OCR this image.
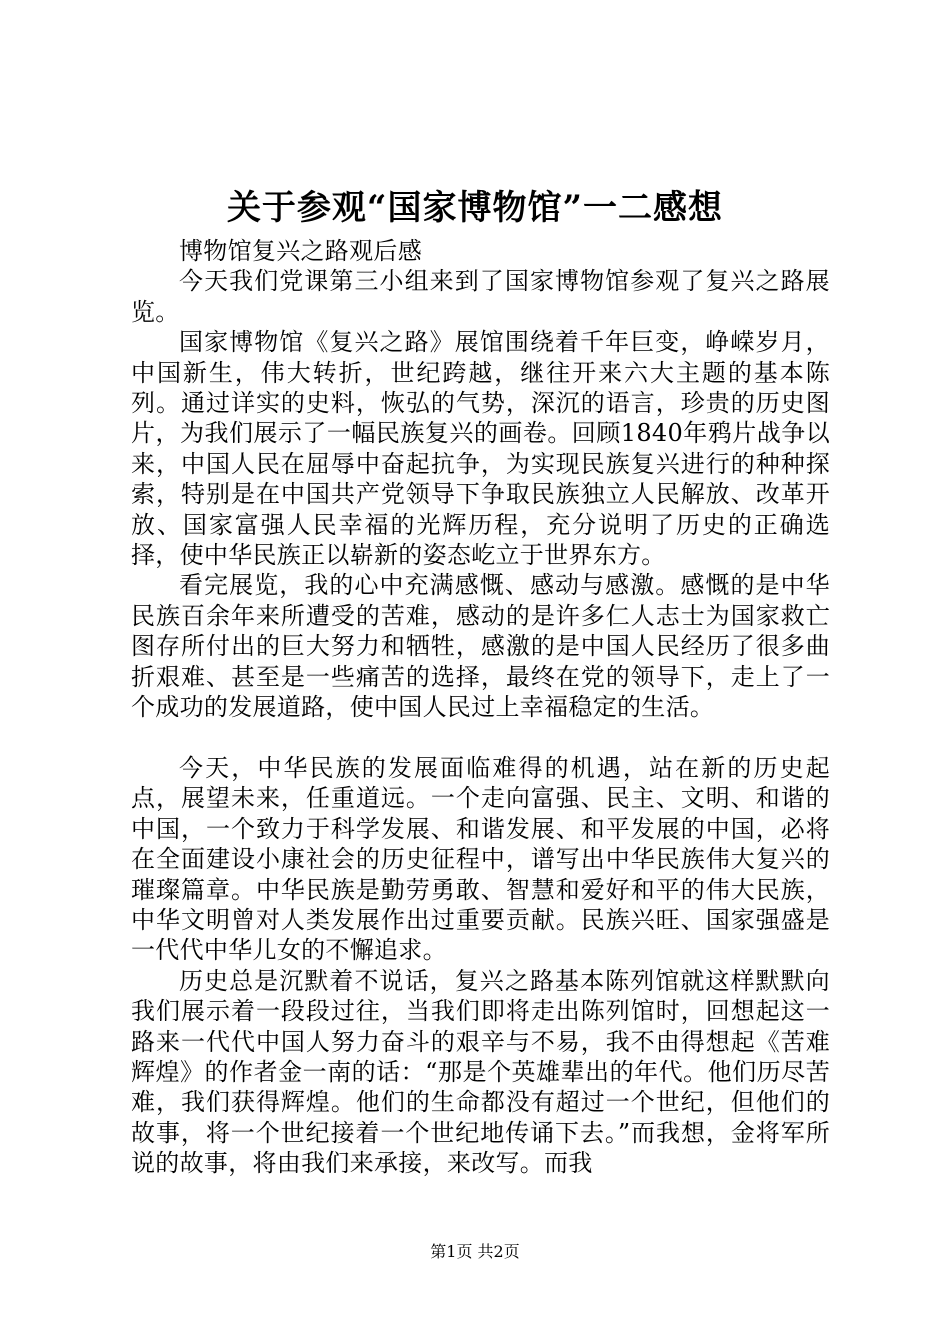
关于参观“国家博物馆”一二感想

博物馆复兴之路观后感

今天我们党课第三小组来到了国家博物馆参观了复兴之路展览。

国家博物馆《复兴之路》展馆围绕着千年巨变，峥嵘岁月，中国新生，伟大转折，世纪跨越，继往开来六大主题的基本陈列。通过详实的史料，恢弘的气势，深沉的语言，珍贵的历史图片，为我们展示了一幅民族复兴的画卷。回顾1840年鸦片战争以来，中国人民在屈辱中奋起抗争，为实现民族复兴进行的种种探索，特别是在中国共产党领导下争取民族独立人民解放、改革开放、国家富强人民幸福的光辉历程，充分说明了历史的正确选择，使中华民族正以崭新的姿态屹立于世界东方。

看完展览，我的心中充满感慨、感动与感激。感慨的是中华民族百余年来所遭受的苦难，感动的是许多仁人志士为国家救亡图存所付出的巨大努力和牺牲，感激的是中国人民经历了很多曲折艰难、甚至是一些痛苦的选择，最终在党的领导下，走上了一个成功的发展道路，使中国人民过上幸福稳定的生活。

今天，中华民族的发展面临难得的机遇，站在新的历史起点，展望未来，任重道远。一个走向富强、民主、文明、和谐的中国，一个致力于科学发展、和谐发展、和平发展的中国，必将在全面建设小康社会的历史征程中，谱写出中华民族伟大复兴的璀璨篇章。中华民族是勤劳勇敢、智慧和爱好和平的伟大民族，中华文明曾对人类发展作出过重要贡献。民族兴旺、国家强盛是一代代中华儿女的不懈追求。

历史总是沉默着不说话，复兴之路基本陈列馆就这样默默向我们展示着一段段过往，当我们即将走出陈列馆时，回想起这一路来一代代中国人努力奋斗的艰辛与不易，我不由得想起《苦难辉煌》的作者金一南的话：“那是个英雄辈出的年代。他们历尽苦难，我们获得辉煌。他们的生命都没有超过一个世纪，但他们的故事，将一个世纪接着一个世纪地传诵下去。”而我想，金将军所说的故事，将由我们来承接，来改写。而我

第1页 共2页
